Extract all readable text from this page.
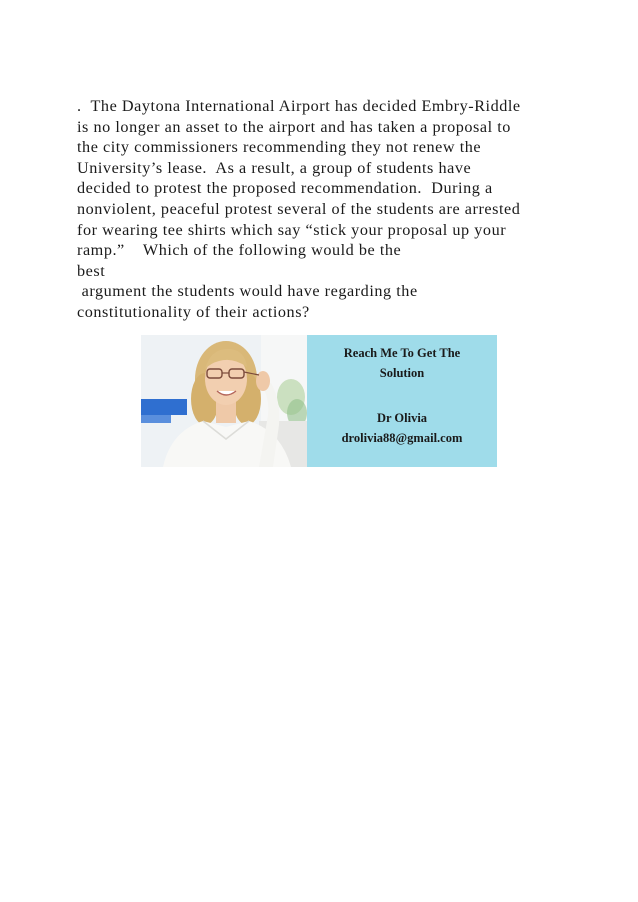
.  The Daytona International Airport has decided Embry-Riddle
is no longer an asset to the airport and has taken a proposal to
the city commissioners recommending they not renew the
University’s lease.  As a result, a group of students have
decided to protest the proposed recommendation.  During a
nonviolent, peaceful protest several of the students are arrested
for wearing tee shirts which say “stick your proposal up your
ramp.”    Which of the following would be the
best
argument the students would have regarding the
constitutionality of their actions?
Reach Me To Get The
Solution
Dr Olivia
drolivia88@gmail.com
